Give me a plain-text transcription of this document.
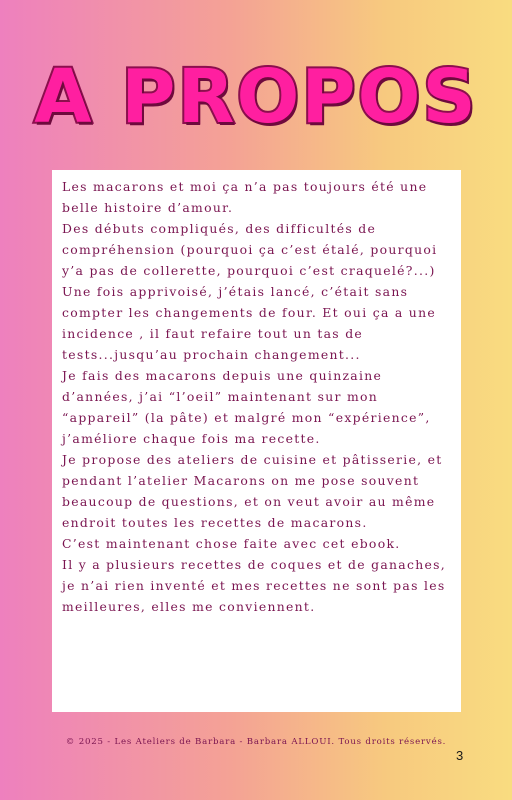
A PROPOS

Les macarons et moi ça n’a pas toujours été une belle histoire d’amour.

Des débuts compliqués, des difficultés de compréhension (pourquoi ça c’est étalé, pourquoi y’a pas de collerette, pourquoi c’est craquelé?...)

Une fois apprivoisé, j’étais lancé, c’était sans compter les changements de four. Et oui ça a une incidence , il faut refaire tout un tas de tests...jusqu’au prochain changement...

Je fais des macarons depuis une quinzaine d’années, j’ai “l’oeil” maintenant sur mon “appareil” (la pâte) et malgré mon “expérience”, j’améliore chaque fois ma recette.

Je propose des ateliers de cuisine et pâtisserie, et pendant l’atelier Macarons on me pose souvent beaucoup de questions, et on veut avoir au même endroit toutes les recettes de macarons.

C’est maintenant chose faite avec cet ebook.

Il y a plusieurs recettes de coques et de ganaches, je n’ai rien inventé et mes recettes ne sont pas les meilleures, elles me conviennent.

© 2025 - Les Ateliers de Barbara - Barbara ALLOUI. Tous droits réservés.

3
